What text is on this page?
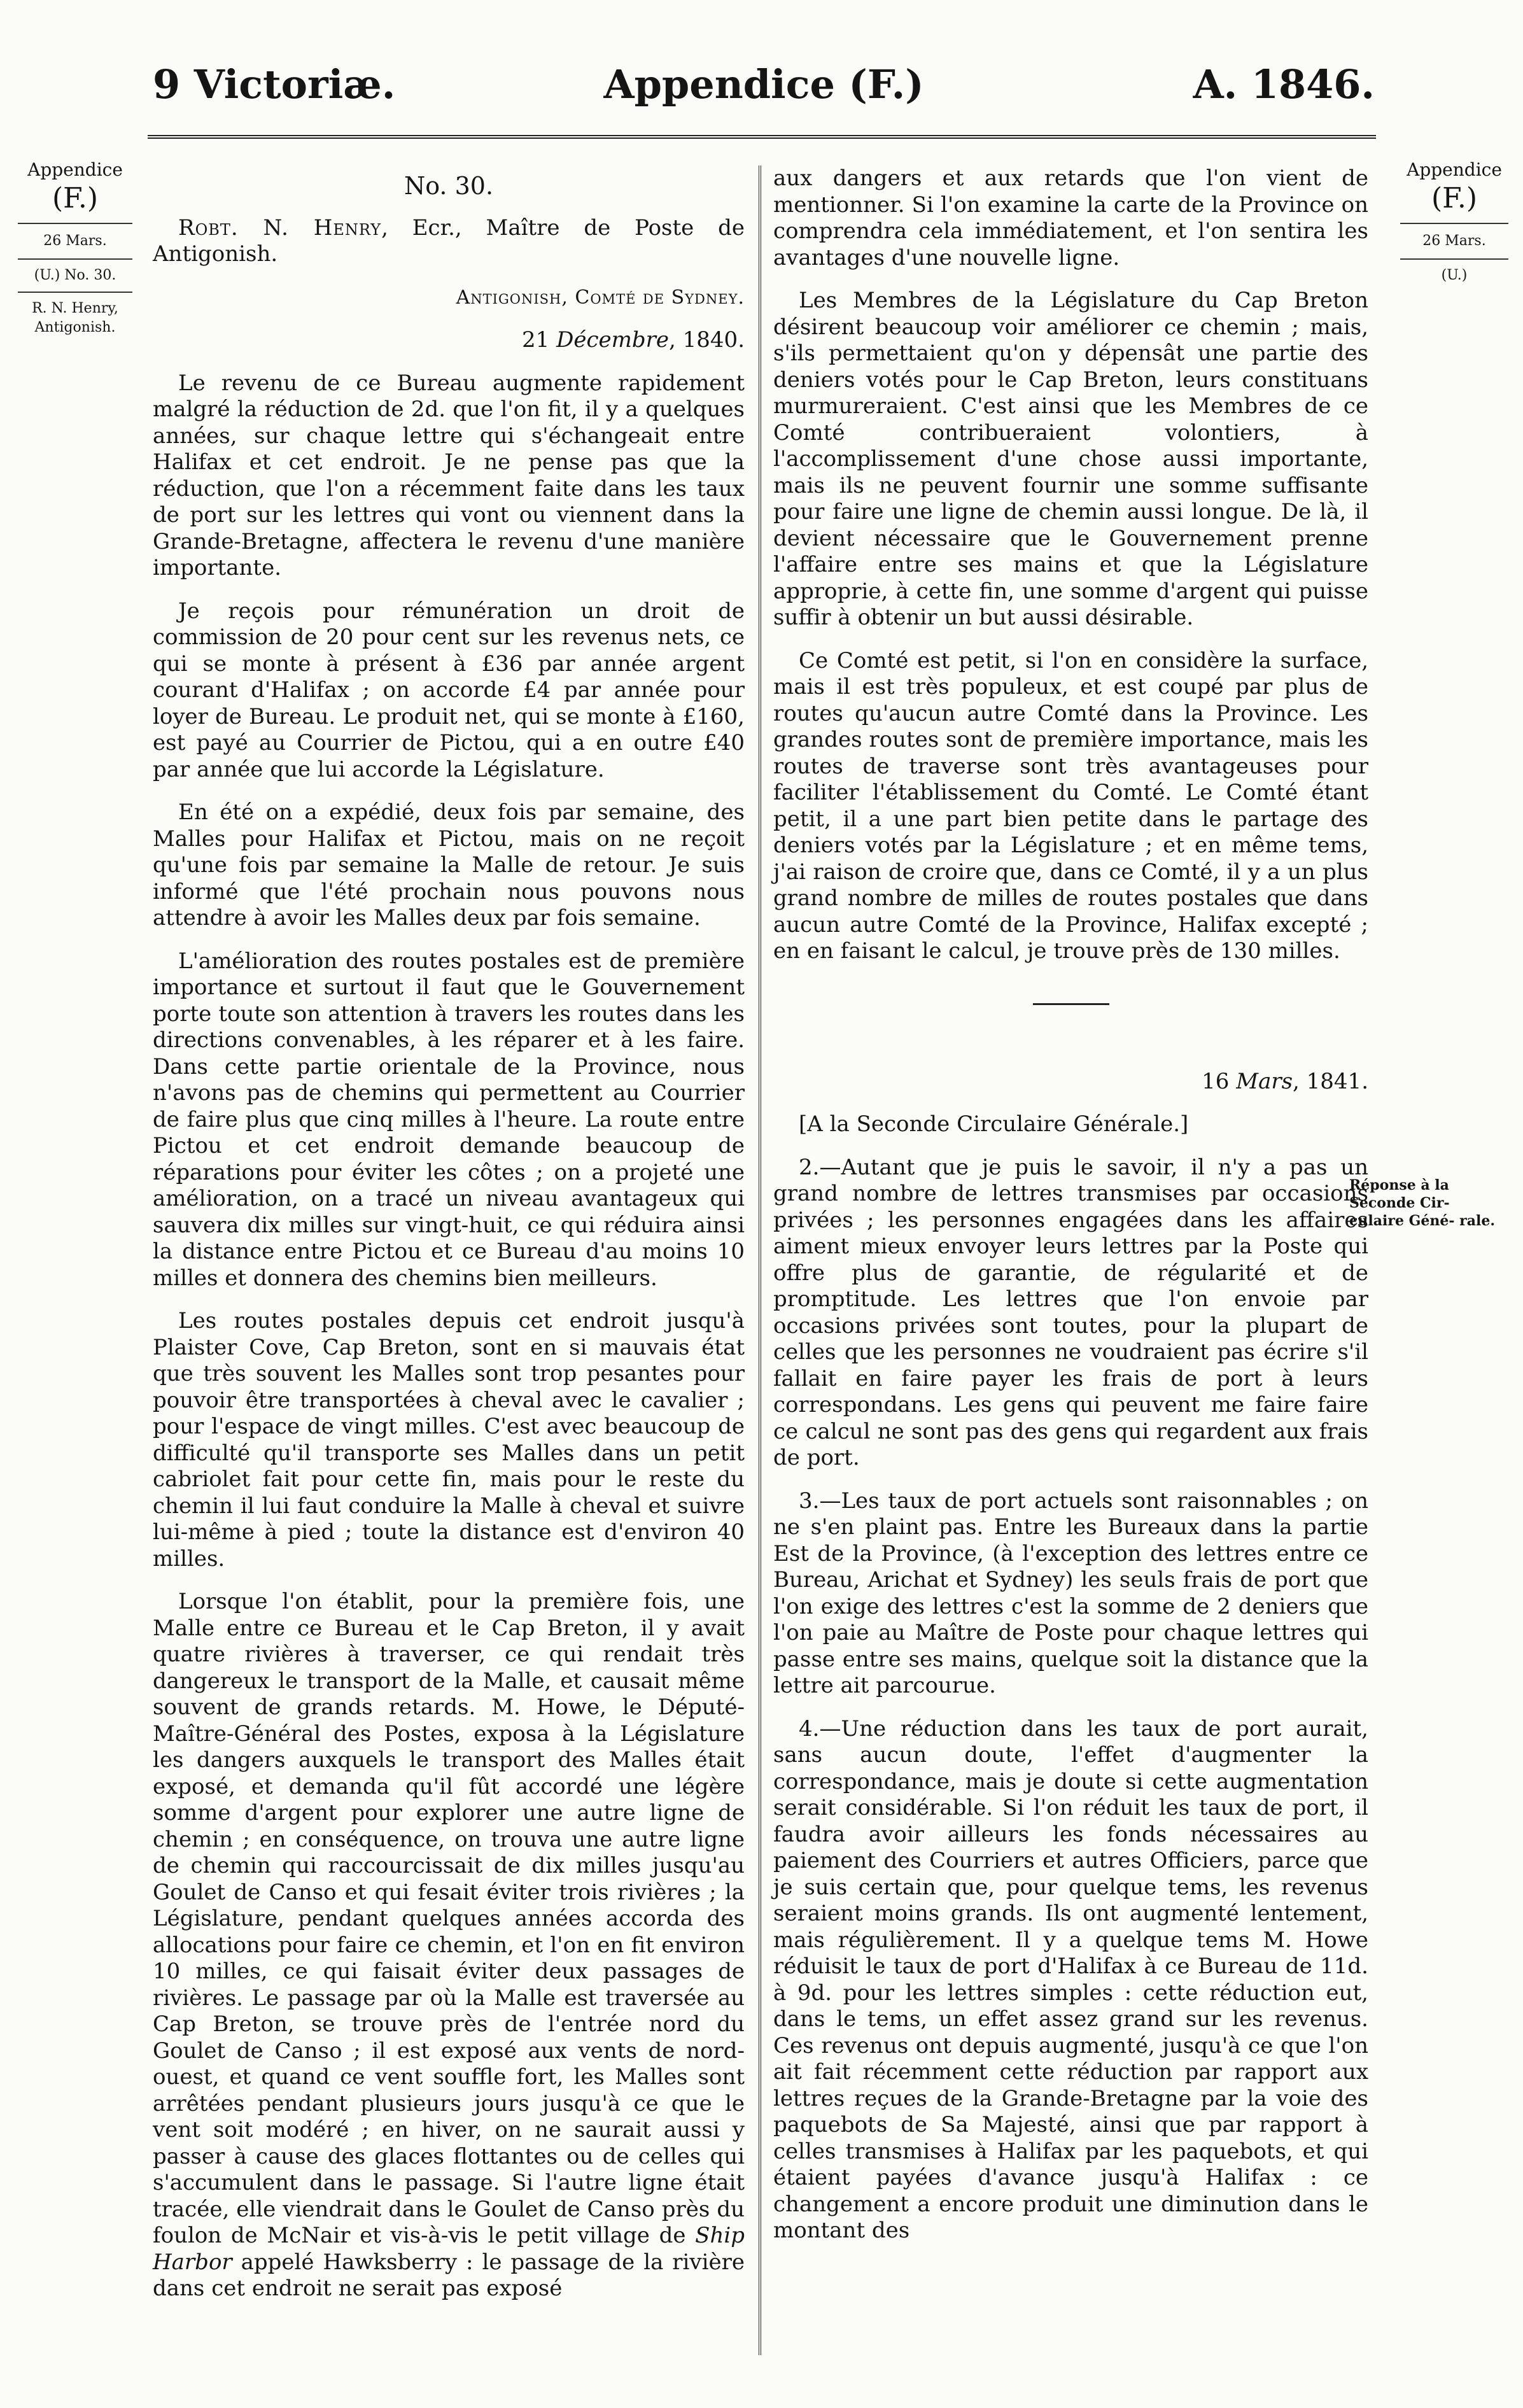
9 Victoriæ.	Appendice (F.)	A. 1846.
Appendice
(F.)
26 Mars.
(U.) No. 30.
R. N. Henry,
Antigonish.
Appendice
(F.)
26 Mars.
(U.)
Réponse à la Seconde Cir- culaire Géné- rale.
No. 30.

Robt. N. Henry, Ecr., Maître de Poste de Antigonish.

Antigonish, Comté de Sydney.

21 Décembre, 1840.

Le revenu de ce Bureau augmente rapidement malgré la réduction de 2d. que l'on fit, il y a quelques années, sur chaque lettre qui s'échangeait entre Halifax et cet endroit. Je ne pense pas que la réduction, que l'on a récemment faite dans les taux de port sur les lettres qui vont ou viennent dans la Grande-Bretagne, affectera le revenu d'une manière importante.

Je reçois pour rémunération un droit de commission de 20 pour cent sur les revenus nets, ce qui se monte à présent à £36 par année argent courant d'Halifax ; on accorde £4 par année pour loyer de Bureau. Le produit net, qui se monte à £160, est payé au Courrier de Pictou, qui a en outre £40 par année que lui accorde la Législature.

En été on a expédié, deux fois par semaine, des Malles pour Halifax et Pictou, mais on ne reçoit qu'une fois par semaine la Malle de retour. Je suis informé que l'été prochain nous pouvons nous attendre à avoir les Malles deux par fois semaine.

L'amélioration des routes postales est de première importance et surtout il faut que le Gouvernement porte toute son attention à travers les routes dans les directions convenables, à les réparer et à les faire. Dans cette partie orientale de la Province, nous n'avons pas de chemins qui permettent au Courrier de faire plus que cinq milles à l'heure. La route entre Pictou et cet endroit demande beaucoup de réparations pour éviter les côtes ; on a projeté une amélioration, on a tracé un niveau avantageux qui sauvera dix milles sur vingt-huit, ce qui réduira ainsi la distance entre Pictou et ce Bureau d'au moins 10 milles et donnera des chemins bien meilleurs.

Les routes postales depuis cet endroit jusqu'à Plaister Cove, Cap Breton, sont en si mauvais état que très souvent les Malles sont trop pesantes pour pouvoir être transportées à cheval avec le cavalier ; pour l'espace de vingt milles. C'est avec beaucoup de difficulté qu'il transporte ses Malles dans un petit cabriolet fait pour cette fin, mais pour le reste du chemin il lui faut conduire la Malle à cheval et suivre lui-même à pied ; toute la distance est d'environ 40 milles.

Lorsque l'on établit, pour la première fois, une Malle entre ce Bureau et le Cap Breton, il y avait quatre rivières à traverser, ce qui rendait très dangereux le transport de la Malle, et causait même souvent de grands retards. M. Howe, le Député-Maître-Général des Postes, exposa à la Législature les dangers auxquels le transport des Malles était exposé, et demanda qu'il fût accordé une légère somme d'argent pour explorer une autre ligne de chemin ; en conséquence, on trouva une autre ligne de chemin qui raccourcissait de dix milles jusqu'au Goulet de Canso et qui fesait éviter trois rivières ; la Législature, pendant quelques années accorda des allocations pour faire ce chemin, et l'on en fit environ 10 milles, ce qui faisait éviter deux passages de rivières. Le passage par où la Malle est traversée au Cap Breton, se trouve près de l'entrée nord du Goulet de Canso ; il est exposé aux vents de nord-ouest, et quand ce vent souffle fort, les Malles sont arrêtées pendant plusieurs jours jusqu'à ce que le vent soit modéré ; en hiver, on ne saurait aussi y passer à cause des glaces flottantes ou de celles qui s'accumulent dans le passage. Si l'autre ligne était tracée, elle viendrait dans le Goulet de Canso près du foulon de McNair et vis-à-vis le petit village de Ship Harbor appelé Hawksberry : le passage de la rivière dans cet endroit ne serait pas exposé

aux dangers et aux retards que l'on vient de mentionner. Si l'on examine la carte de la Province on comprendra cela immédiatement, et l'on sentira les avantages d'une nouvelle ligne.

Les Membres de la Législature du Cap Breton désirent beaucoup voir améliorer ce chemin ; mais, s'ils permettaient qu'on y dépensât une partie des deniers votés pour le Cap Breton, leurs constituans murmureraient. C'est ainsi que les Membres de ce Comté contribueraient volontiers, à l'accomplissement d'une chose aussi importante, mais ils ne peuvent fournir une somme suffisante pour faire une ligne de chemin aussi longue. De là, il devient nécessaire que le Gouvernement prenne l'affaire entre ses mains et que la Législature approprie, à cette fin, une somme d'argent qui puisse suffir à obtenir un but aussi désirable.

Ce Comté est petit, si l'on en considère la surface, mais il est très populeux, et est coupé par plus de routes qu'aucun autre Comté dans la Province. Les grandes routes sont de première importance, mais les routes de traverse sont très avantageuses pour faciliter l'établissement du Comté. Le Comté étant petit, il a une part bien petite dans le partage des deniers votés par la Législature ; et en même tems, j'ai raison de croire que, dans ce Comté, il y a un plus grand nombre de milles de routes postales que dans aucun autre Comté de la Province, Halifax excepté ; en en faisant le calcul, je trouve près de 130 milles.

16 Mars, 1841.

[A la Seconde Circulaire Générale.]

2.—Autant que je puis le savoir, il n'y a pas un grand nombre de lettres transmises par occasions privées ; les personnes engagées dans les affaires aiment mieux envoyer leurs lettres par la Poste qui offre plus de garantie, de régularité et de promptitude. Les lettres que l'on envoie par occasions privées sont toutes, pour la plupart de celles que les personnes ne voudraient pas écrire s'il fallait en faire payer les frais de port à leurs correspondans. Les gens qui peuvent me faire faire ce calcul ne sont pas des gens qui regardent aux frais de port.

3.—Les taux de port actuels sont raisonnables ; on ne s'en plaint pas. Entre les Bureaux dans la partie Est de la Province, (à l'exception des lettres entre ce Bureau, Arichat et Sydney) les seuls frais de port que l'on exige des lettres c'est la somme de 2 deniers que l'on paie au Maître de Poste pour chaque lettres qui passe entre ses mains, quelque soit la distance que la lettre ait parcourue.

4.—Une réduction dans les taux de port aurait, sans aucun doute, l'effet d'augmenter la correspondance, mais je doute si cette augmentation serait considérable. Si l'on réduit les taux de port, il faudra avoir ailleurs les fonds nécessaires au paiement des Courriers et autres Officiers, parce que je suis certain que, pour quelque tems, les revenus seraient moins grands. Ils ont augmenté lentement, mais régulièrement. Il y a quelque tems M. Howe réduisit le taux de port d'Halifax à ce Bureau de 11d. à 9d. pour les lettres simples : cette réduction eut, dans le tems, un effet assez grand sur les revenus. Ces revenus ont depuis augmenté, jusqu'à ce que l'on ait fait récemment cette réduction par rapport aux lettres reçues de la Grande-Bretagne par la voie des paquebots de Sa Majesté, ainsi que par rapport à celles transmises à Halifax par les paquebots, et qui étaient payées d'avance jusqu'à Halifax : ce changement a encore produit une diminution dans le montant des
